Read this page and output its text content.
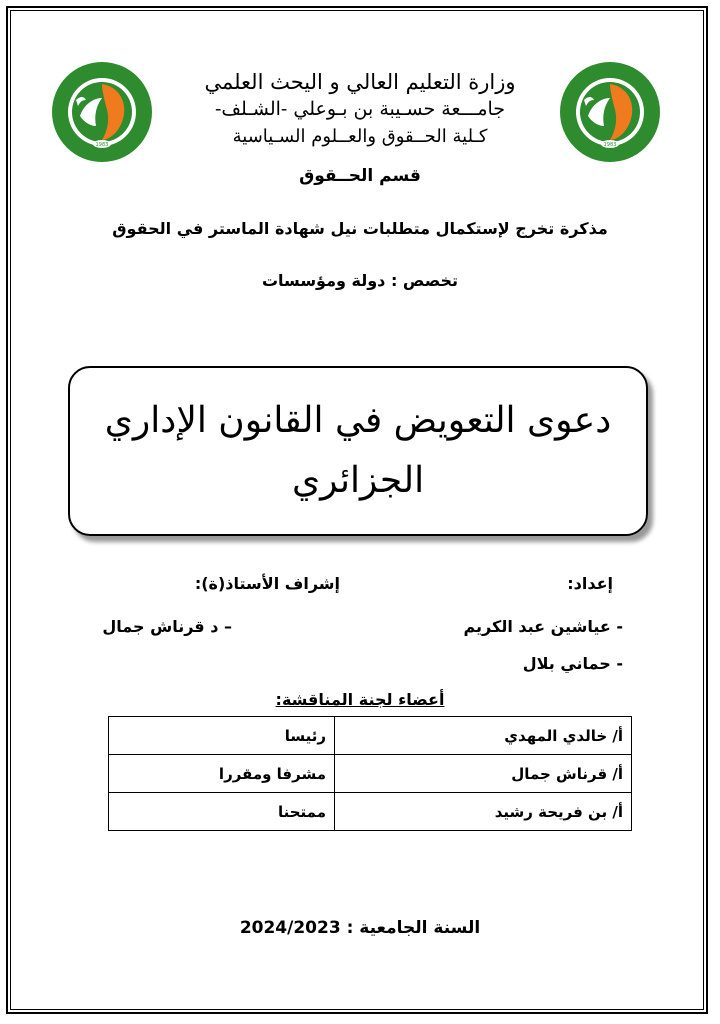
1983	1983
وزارة التعليم العالي و اليحث العلمي
جامـــعة حسـيبة بن بـوعلي -الشـلف-
كـلية الحــقوق والعــلوم السـياسية
قسم الحــقوق
مذكرة تخرج لإستكمال متطلبات نيل شهادة الماستر في الحقوق
تخصص : دولة ومؤسسات
دعوى التعويض في القانون الإداري
الجزائري
إعداد:
إشراف الأستاذ(ة):
- عياشين عبد الكريم
– د قرناش جمال
- حماني بلال
أعضاء لجنة المناقشة:
أ/ خالدي المهدي	رئيسا
أ/ قرناش جمال	مشرفا ومقررا
أ/ بن فريحة رشيد	ممتحنا
السنة الجامعية : 2024/2023
